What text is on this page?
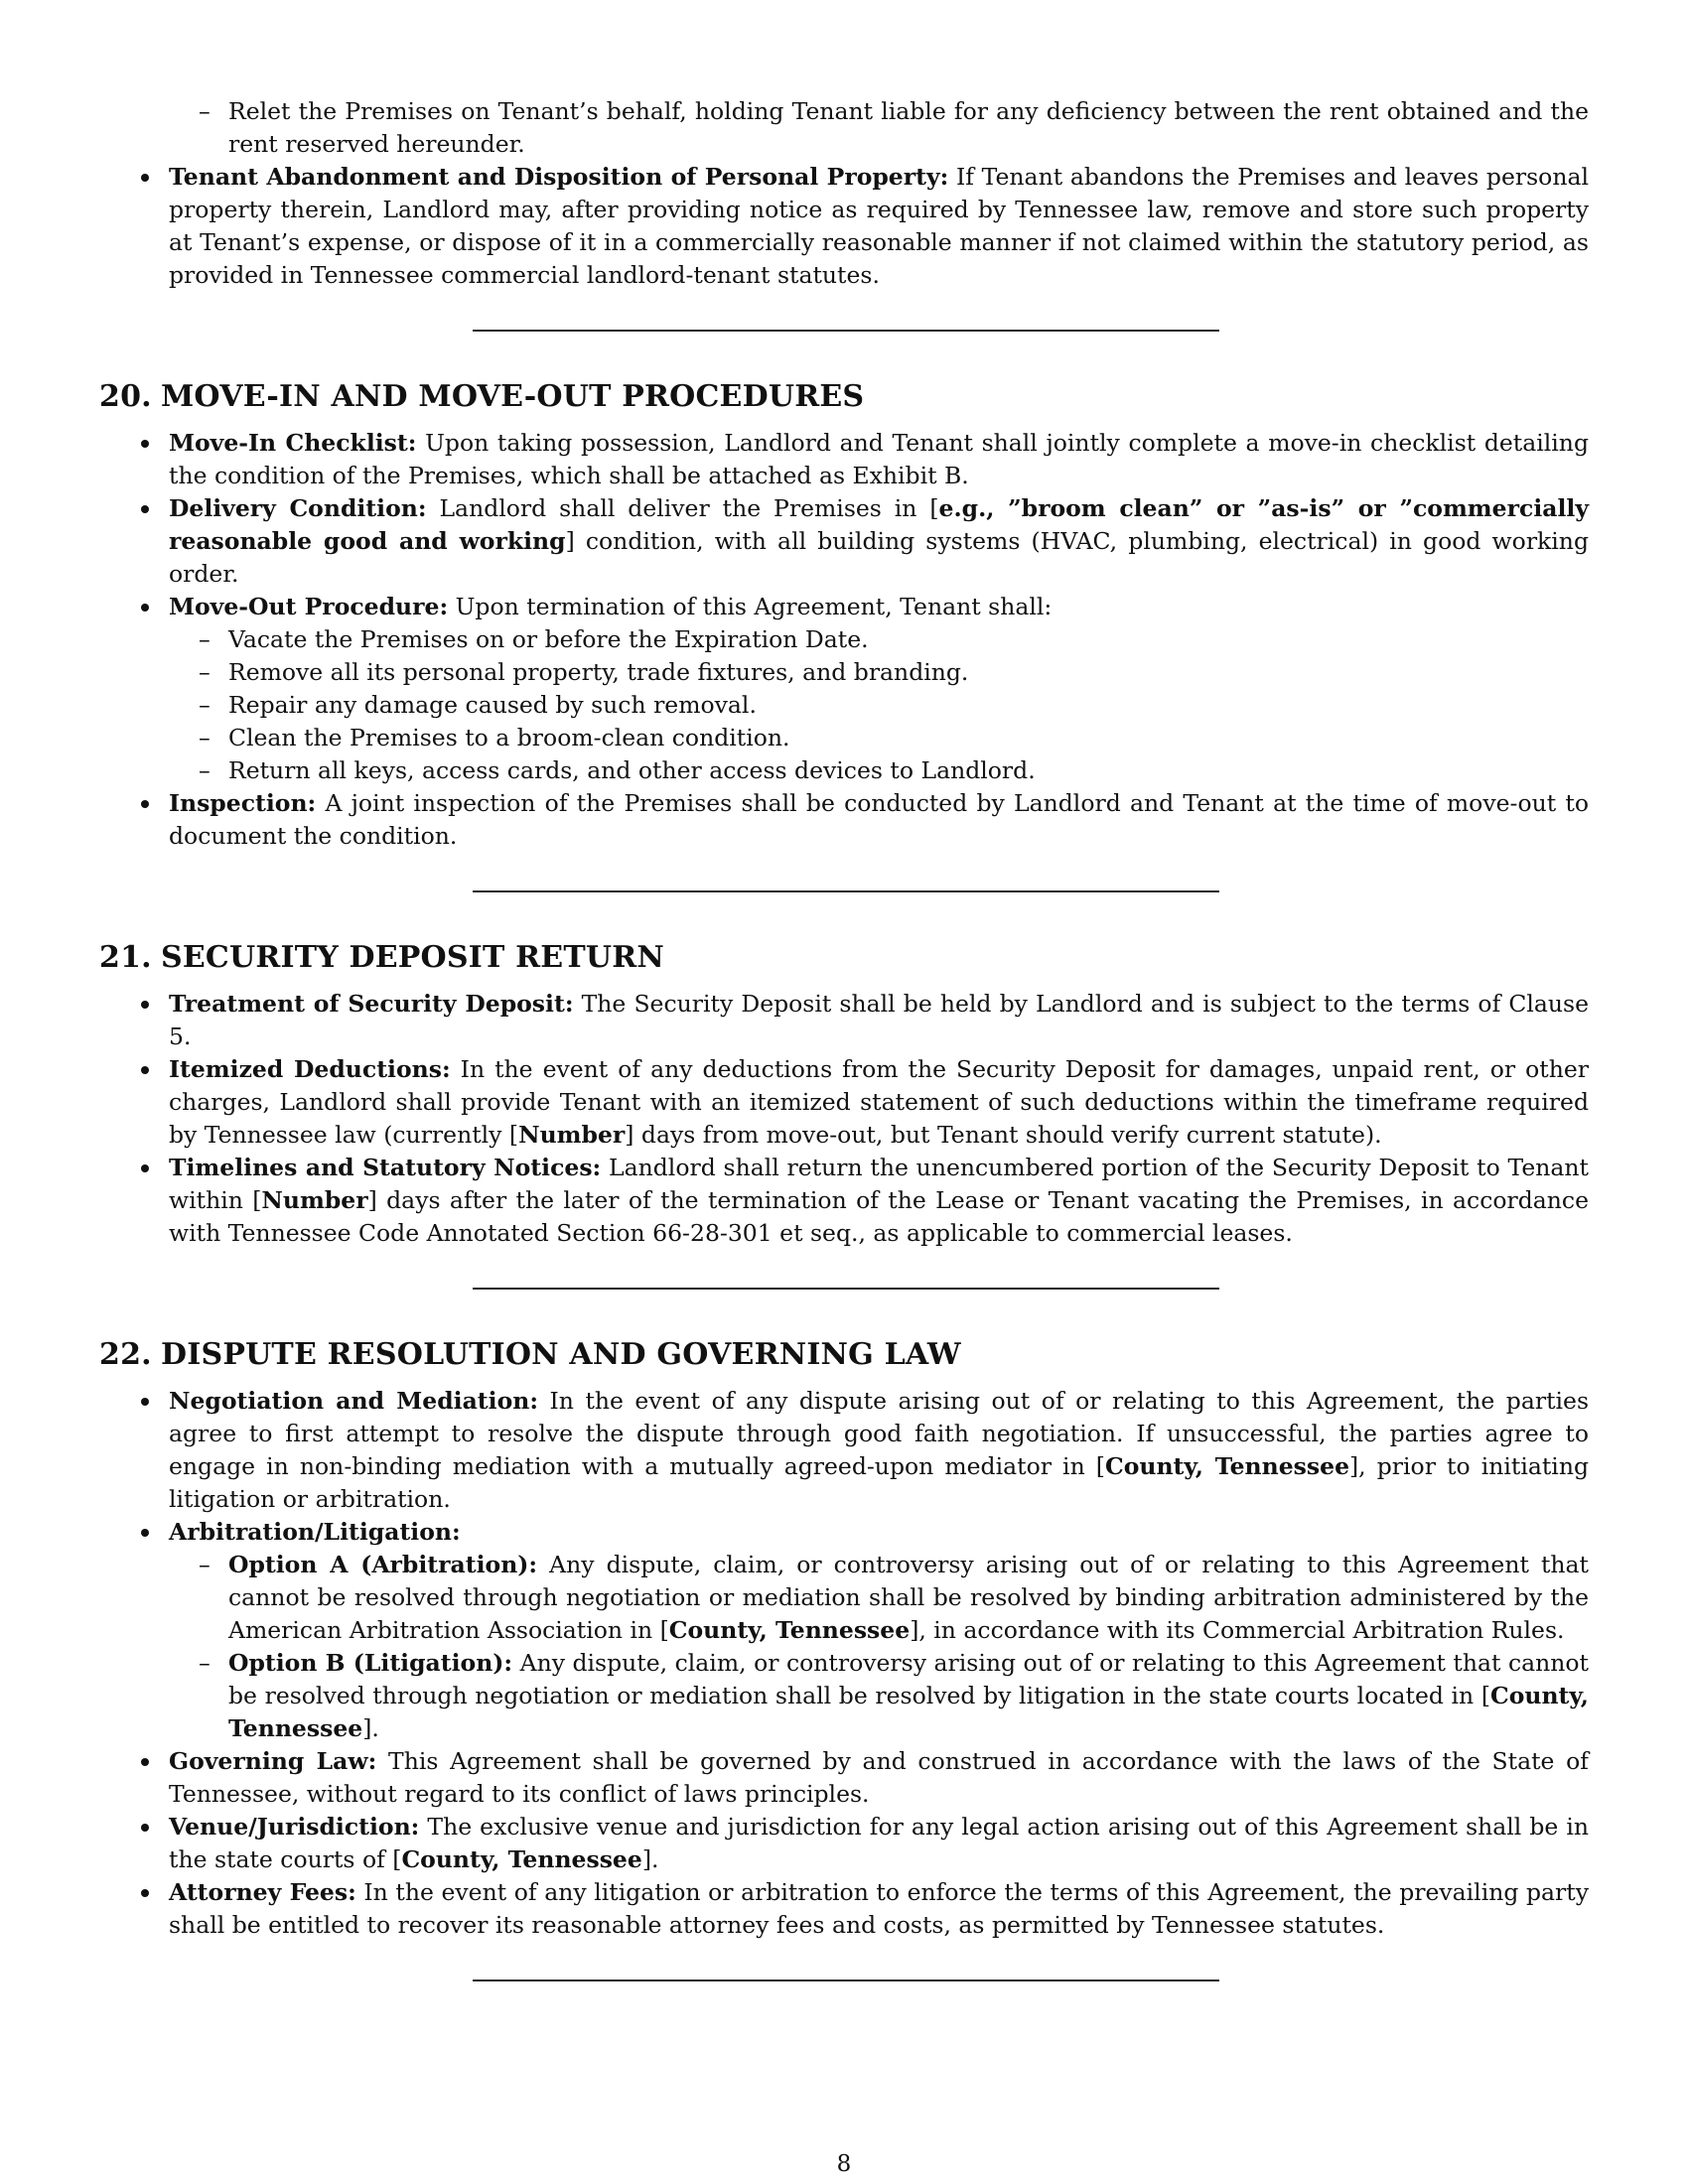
– Relet the Premises on Tenant’s behalf, holding Tenant liable for any deficiency between the rent obtained and the rent reserved hereunder.
Tenant Abandonment and Disposition of Personal Property: If Tenant abandons the Premises and leaves personal property therein, Landlord may, after providing notice as required by Tennessee law, remove and store such property at Tenant’s expense, or dispose of it in a commercially reasonable manner if not claimed within the statutory period, as provided in Tennessee commercial landlord-tenant statutes.
20. MOVE-IN AND MOVE-OUT PROCEDURES
Move-In Checklist: Upon taking possession, Landlord and Tenant shall jointly complete a move-in checklist detailing the condition of the Premises, which shall be attached as Exhibit B.
Delivery Condition: Landlord shall deliver the Premises in [e.g., ”broom clean” or ”as-is” or ”commercially reasonable good and working] condition, with all building systems (HVAC, plumbing, electrical) in good working order.
Move-Out Procedure: Upon termination of this Agreement, Tenant shall:
– Vacate the Premises on or before the Expiration Date.
– Remove all its personal property, trade fixtures, and branding.
– Repair any damage caused by such removal.
– Clean the Premises to a broom-clean condition.
– Return all keys, access cards, and other access devices to Landlord.
Inspection: A joint inspection of the Premises shall be conducted by Landlord and Tenant at the time of move-out to document the condition.
21. SECURITY DEPOSIT RETURN
Treatment of Security Deposit: The Security Deposit shall be held by Landlord and is subject to the terms of Clause 5.
Itemized Deductions: In the event of any deductions from the Security Deposit for damages, unpaid rent, or other charges, Landlord shall provide Tenant with an itemized statement of such deductions within the timeframe required by Tennessee law (currently [Number] days from move-out, but Tenant should verify current statute).
Timelines and Statutory Notices: Landlord shall return the unencumbered portion of the Security Deposit to Tenant within [Number] days after the later of the termination of the Lease or Tenant vacating the Premises, in accordance with Tennessee Code Annotated Section 66-28-301 et seq., as applicable to commercial leases.
22. DISPUTE RESOLUTION AND GOVERNING LAW
Negotiation and Mediation: In the event of any dispute arising out of or relating to this Agreement, the parties agree to first attempt to resolve the dispute through good faith negotiation. If unsuccessful, the parties agree to engage in non-binding mediation with a mutually agreed-upon mediator in [County, Tennessee], prior to initiating litigation or arbitration.
Arbitration/Litigation:
– Option A (Arbitration): Any dispute, claim, or controversy arising out of or relating to this Agreement that cannot be resolved through negotiation or mediation shall be resolved by binding arbitration administered by the American Arbitration Association in [County, Tennessee], in accordance with its Commercial Arbitration Rules.
– Option B (Litigation): Any dispute, claim, or controversy arising out of or relating to this Agreement that cannot be resolved through negotiation or mediation shall be resolved by litigation in the state courts located in [County, Tennessee].
Governing Law: This Agreement shall be governed by and construed in accordance with the laws of the State of Tennessee, without regard to its conflict of laws principles.
Venue/Jurisdiction: The exclusive venue and jurisdiction for any legal action arising out of this Agreement shall be in the state courts of [County, Tennessee].
Attorney Fees: In the event of any litigation or arbitration to enforce the terms of this Agreement, the prevailing party shall be entitled to recover its reasonable attorney fees and costs, as permitted by Tennessee statutes.
8
